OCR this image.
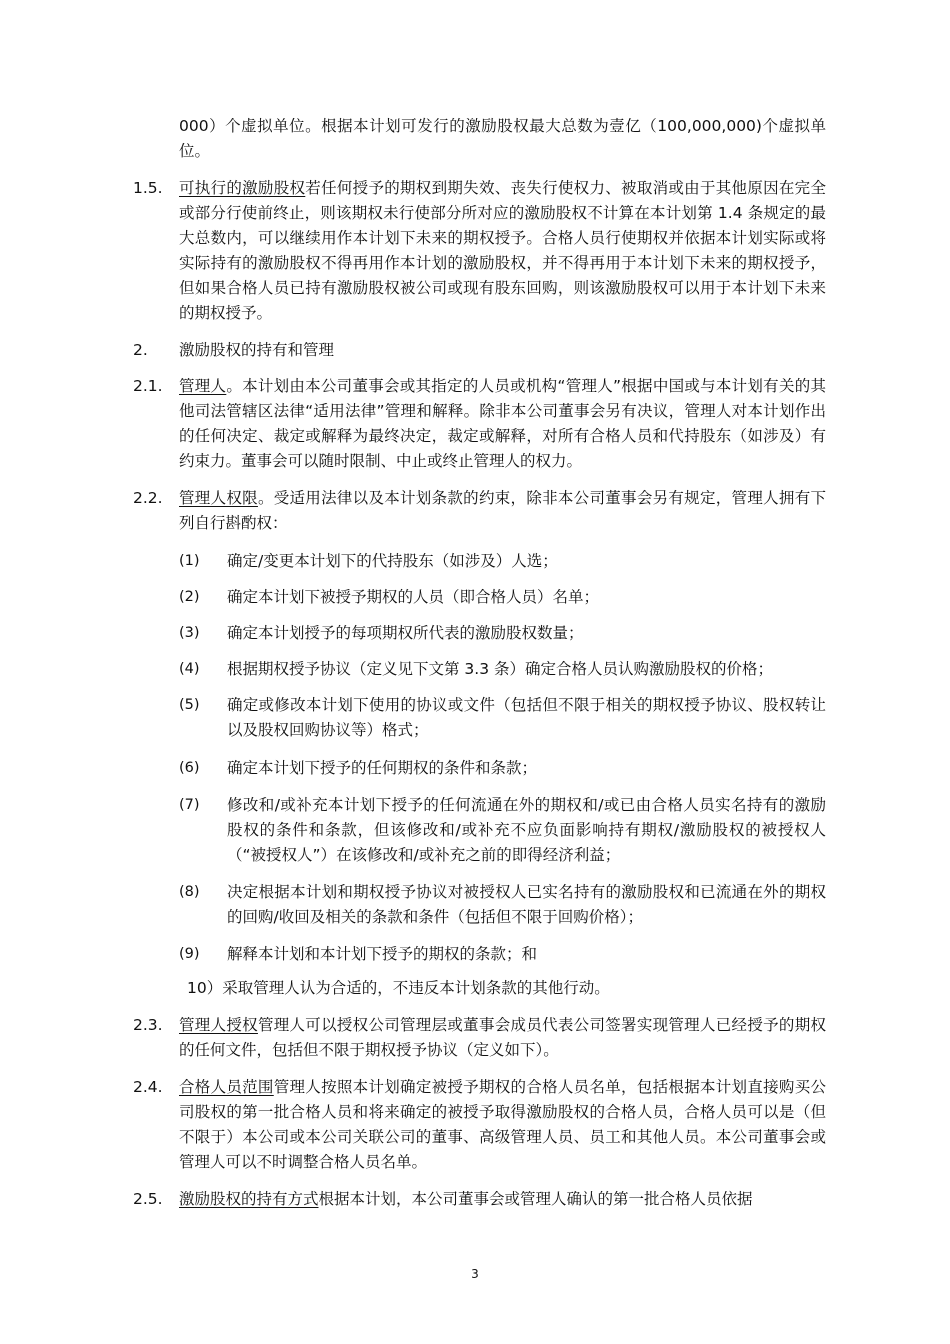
000）个虚拟单位。根据本计划可发行的激励股权最大总数为壹亿（100,000,000)个虚拟单位。
1.5. 可执行的激励股权若任何授予的期权到期失效、丧失行使权力、被取消或由于其他原因在完全或部分行使前终止，则该期权未行使部分所对应的激励股权不计算在本计划第 1.4 条规定的最大总数内，可以继续用作本计划下未来的期权授予。合格人员行使期权并依据本计划实际或将实际持有的激励股权不得再用作本计划的激励股权，并不得再用于本计划下未来的期权授予，但如果合格人员已持有激励股权被公司或现有股东回购，则该激励股权可以用于本计划下未来的期权授予。
2. 激励股权的持有和管理
2.1. 管理人。本计划由本公司董事会或其指定的人员或机构“管理人”根据中国或与本计划有关的其他司法管辖区法律“适用法律”管理和解释。除非本公司董事会另有决议，管理人对本计划作出的任何决定、裁定或解释为最终决定，裁定或解释，对所有合格人员和代持股东（如涉及）有约束力。董事会可以随时限制、中止或终止管理人的权力。
2.2. 管理人权限。受适用法律以及本计划条款的约束，除非本公司董事会另有规定，管理人拥有下列自行斟酌权：
(1) 确定/变更本计划下的代持股东（如涉及）人选；
(2) 确定本计划下被授予期权的人员（即合格人员）名单；
(3) 确定本计划授予的每项期权所代表的激励股权数量；
(4) 根据期权授予协议（定义见下文第 3.3 条）确定合格人员认购激励股权的价格；
(5) 确定或修改本计划下使用的协议或文件（包括但不限于相关的期权授予协议、股权转让以及股权回购协议等）格式；
(6) 确定本计划下授予的任何期权的条件和条款；
(7) 修改和/或补充本计划下授予的任何流通在外的期权和/或已由合格人员实名持有的激励股权的条件和条款，但该修改和/或补充不应负面影响持有期权/激励股权的被授权人（“被授权人”）在该修改和/或补充之前的即得经济利益；
(8) 决定根据本计划和期权授予协议对被授权人已实名持有的激励股权和已流通在外的期权的回购/收回及相关的条款和条件（包括但不限于回购价格）；
(9) 解释本计划和本计划下授予的期权的条款；和
10）采取管理人认为合适的，不违反本计划条款的其他行动。
2.3. 管理人授权管理人可以授权公司管理层或董事会成员代表公司签署实现管理人已经授予的期权的任何文件，包括但不限于期权授予协议（定义如下）。
2.4. 合格人员范围管理人按照本计划确定被授予期权的合格人员名单，包括根据本计划直接购买公司股权的第一批合格人员和将来确定的被授予取得激励股权的合格人员，合格人员可以是（但不限于）本公司或本公司关联公司的董事、高级管理人员、员工和其他人员。本公司董事会或管理人可以不时调整合格人员名单。
2.5. 激励股权的持有方式根据本计划，本公司董事会或管理人确认的第一批合格人员依据
3
